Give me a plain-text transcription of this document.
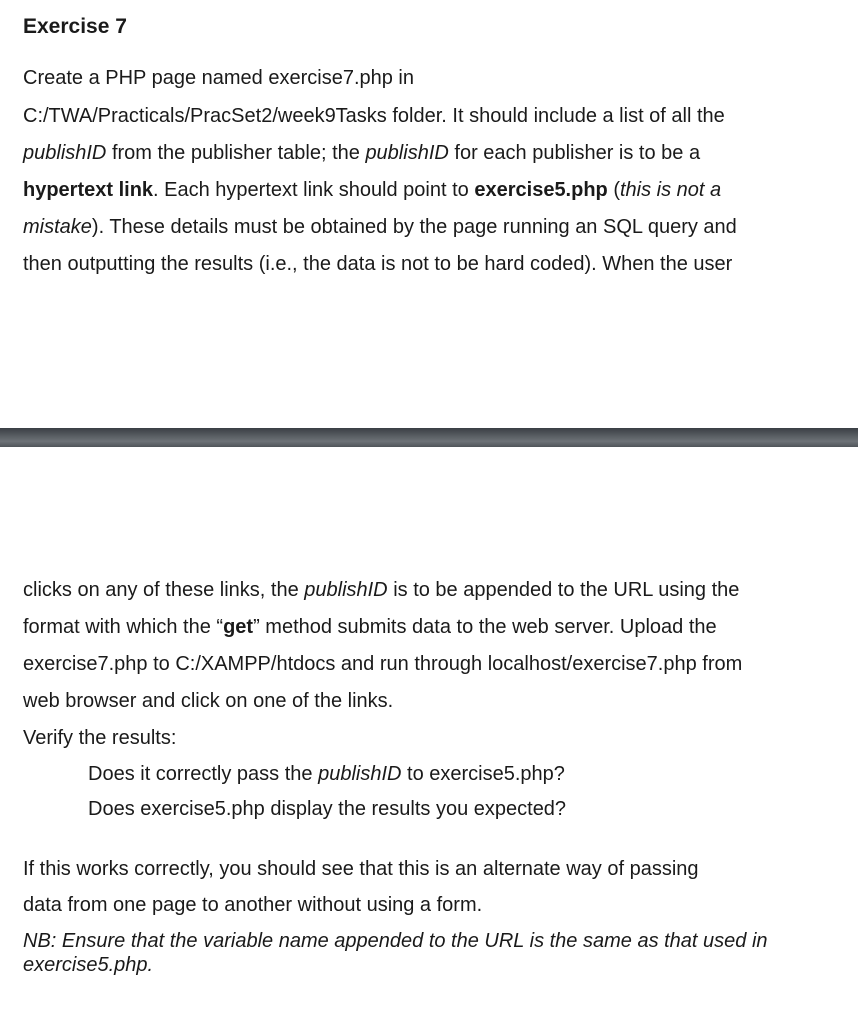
Exercise 7

Create a PHP page named exercise7.php in

C:/TWA/Practicals/PracSet2/week9Tasks folder. It should include a list of all the

publishID from the publisher table; the publishID for each publisher is to be a

hypertext link. Each hypertext link should point to exercise5.php (this is not a

mistake). These details must be obtained by the page running an SQL query and

then outputting the results (i.e., the data is not to be hard coded). When the user

clicks on any of these links, the publishID is to be appended to the URL using the

format with which the “get” method submits data to the web server. Upload the

exercise7.php to C:/XAMPP/htdocs and run through localhost/exercise7.php from

web browser and click on one of the links.

Verify the results:

Does it correctly pass the publishID to exercise5.php?

Does exercise5.php display the results you expected?

If this works correctly, you should see that this is an alternate way of passing

data from one page to another without using a form.

NB: Ensure that the variable name appended to the URL is the same as that used in exercise5.php.
